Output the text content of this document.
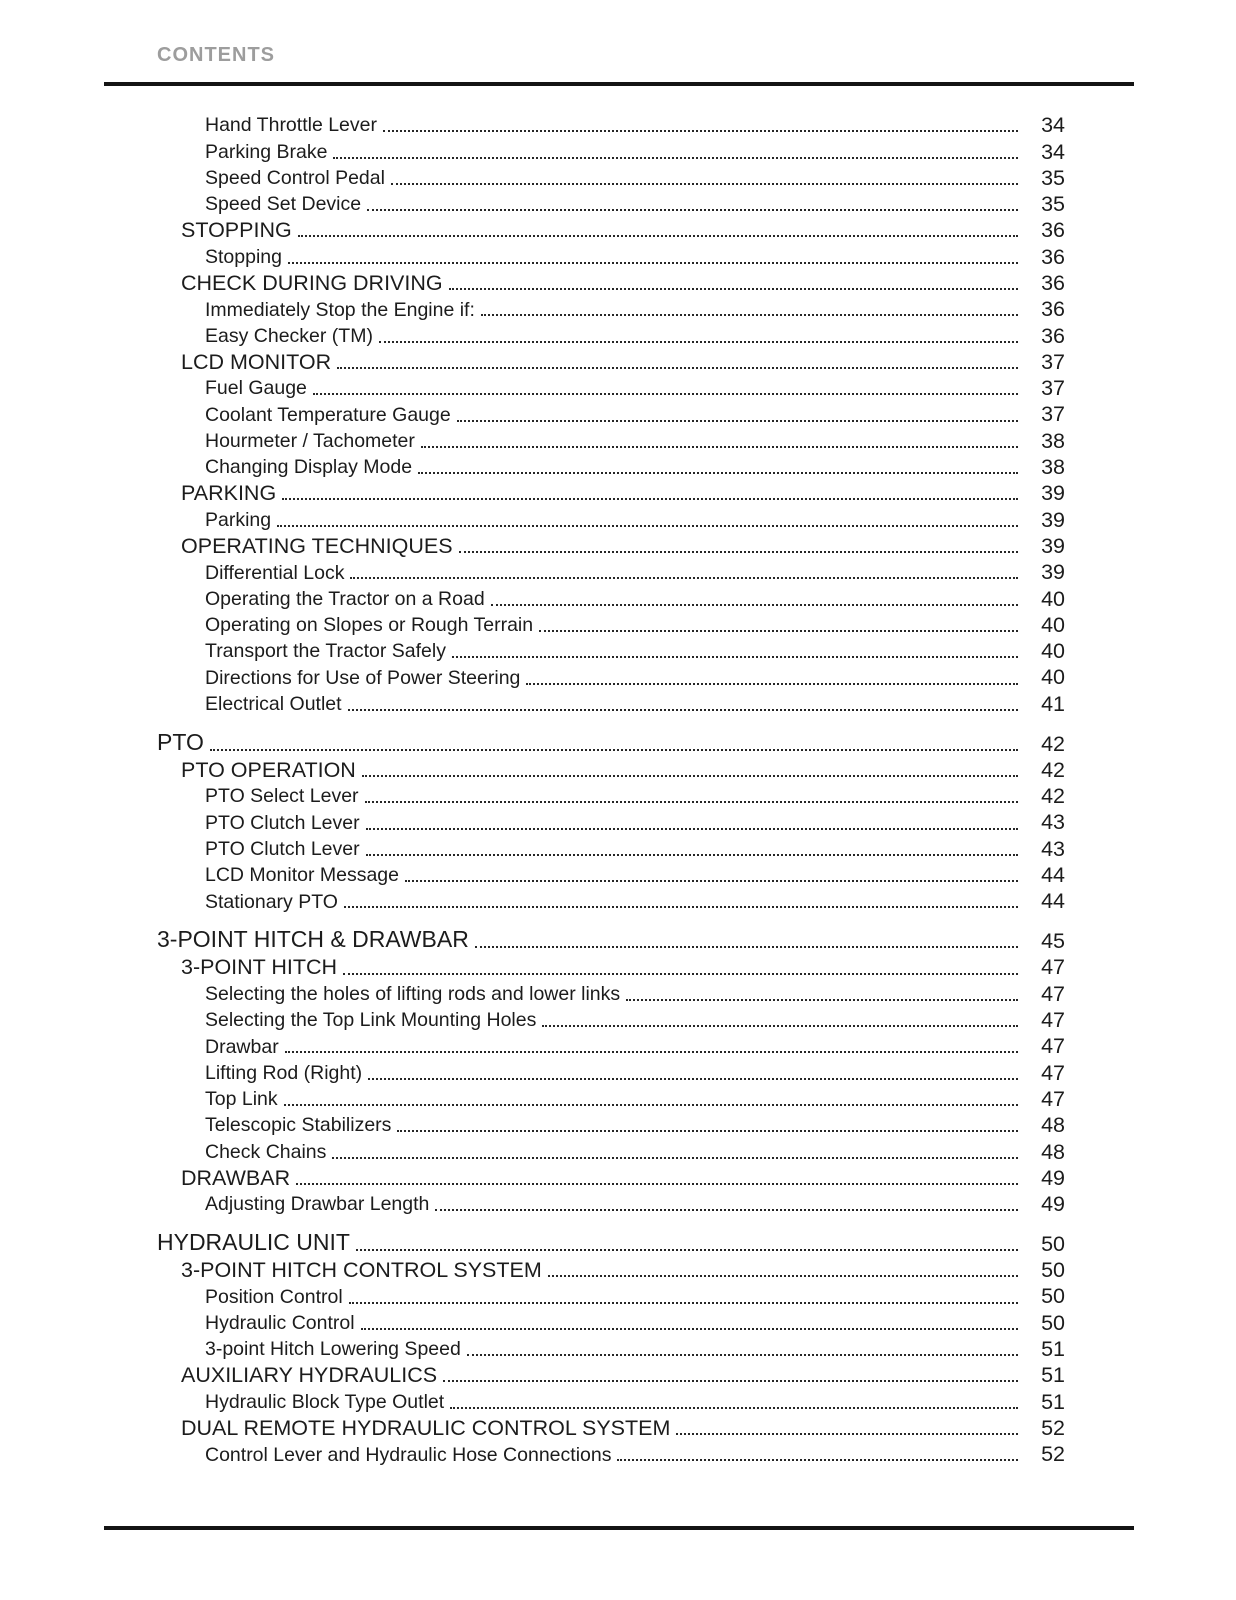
CONTENTS
Hand Throttle Lever	34
Parking Brake	34
Speed Control Pedal	35
Speed Set Device	35
STOPPING	36
Stopping	36
CHECK DURING DRIVING	36
Immediately Stop the Engine if:	36
Easy Checker (TM)	36
LCD MONITOR	37
Fuel Gauge	37
Coolant Temperature Gauge	37
Hourmeter / Tachometer	38
Changing Display Mode	38
PARKING	39
Parking	39
OPERATING TECHNIQUES	39
Differential Lock	39
Operating the Tractor on a Road	40
Operating on Slopes or Rough Terrain	40
Transport the Tractor Safely	40
Directions for Use of Power Steering	40
Electrical Outlet	41
PTO	42
PTO OPERATION	42
PTO Select Lever	42
PTO Clutch Lever	43
PTO Clutch Lever	43
LCD Monitor Message	44
Stationary PTO	44
3-POINT HITCH & DRAWBAR	45
3-POINT HITCH	47
Selecting the holes of lifting rods and lower links	47
Selecting the Top Link Mounting Holes	47
Drawbar	47
Lifting Rod (Right)	47
Top Link	47
Telescopic Stabilizers	48
Check Chains	48
DRAWBAR	49
Adjusting Drawbar Length	49
HYDRAULIC UNIT	50
3-POINT HITCH CONTROL SYSTEM	50
Position Control	50
Hydraulic Control	50
3-point Hitch Lowering Speed	51
AUXILIARY HYDRAULICS	51
Hydraulic Block Type Outlet	51
DUAL REMOTE HYDRAULIC CONTROL SYSTEM	52
Control Lever and Hydraulic Hose Connections	52
